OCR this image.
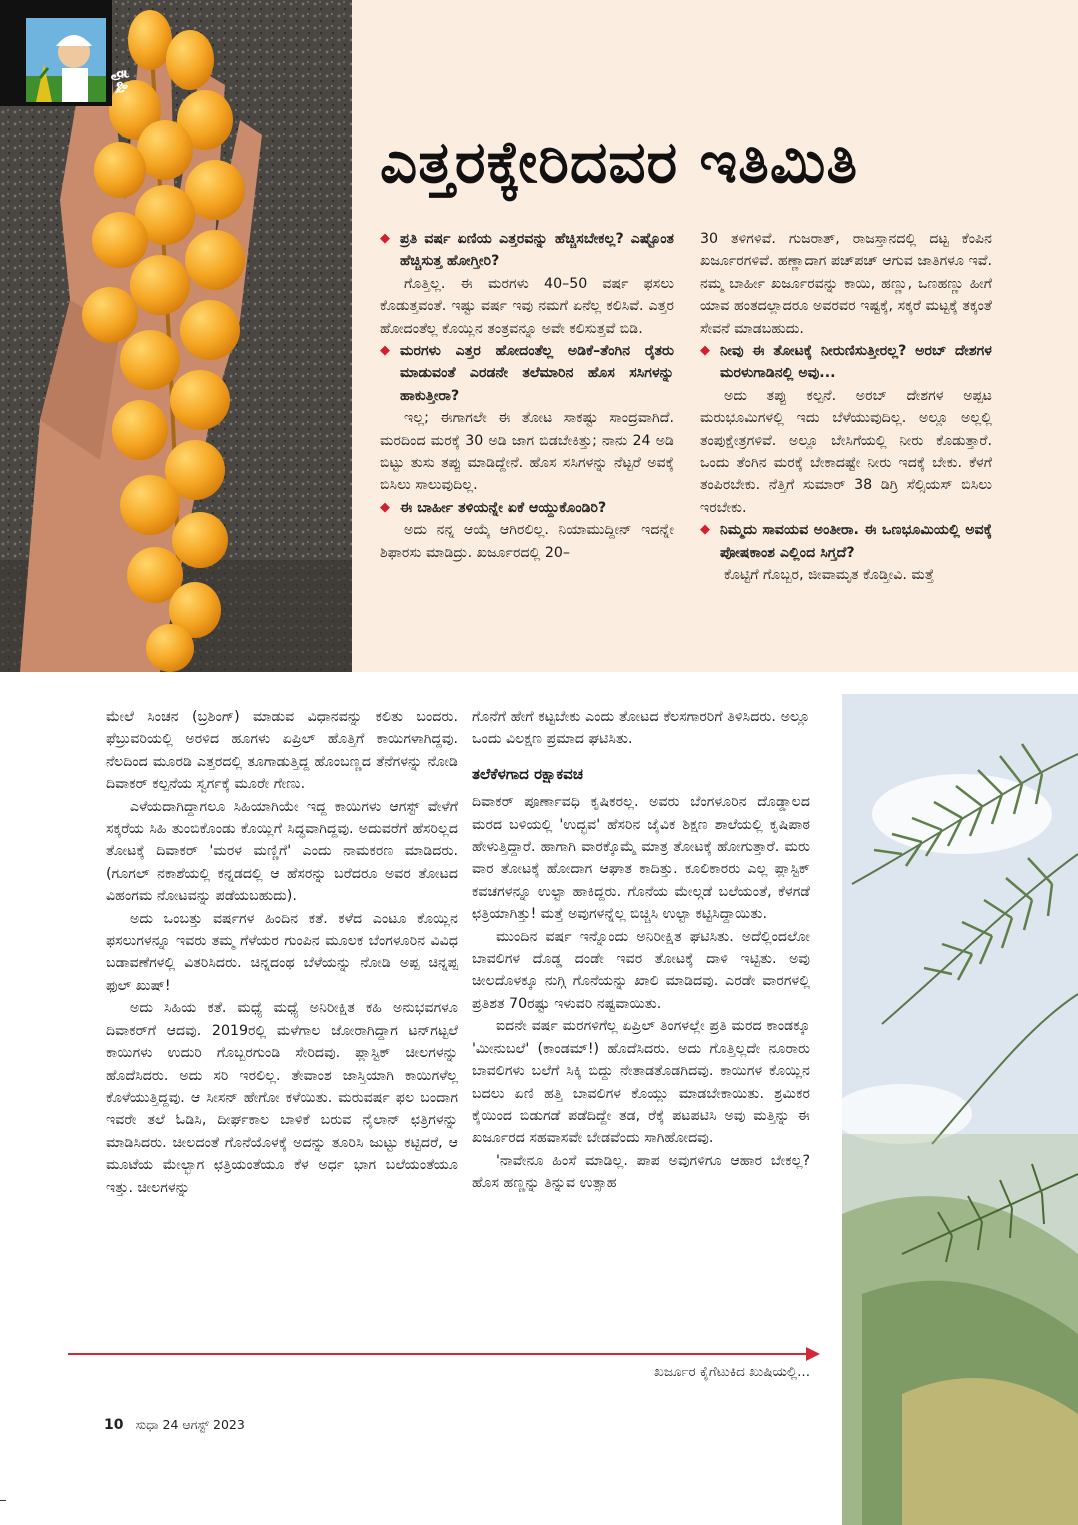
ಕೃಷಿ
ಎತ್ತರಕ್ಕೇರಿದವರ ಇತಿಮಿತಿ

◆ ಪ್ರತಿ ವರ್ಷ ಏಣಿಯ ಎತ್ತರವನ್ನು ಹೆಚ್ಚಿಸಬೇಕಲ್ಲ? ಎಷ್ಟೊಂತ ಹೆಚ್ಚಿಸುತ್ತ ಹೋಗ್ತೀರಿ?

ಗೊತ್ತಿಲ್ಲ. ಈ ಮರಗಳು 40–50 ವರ್ಷ ಫಸಲು ಕೊಡುತ್ತವಂತೆ. ಇಷ್ಟು ವರ್ಷ ಇವು ನಮಗೆ ಏನೆಲ್ಲ ಕಲಿಸಿವೆ. ಎತ್ತರ ಹೋದಂತೆಲ್ಲ ಕೊಯ್ಲಿನ ತಂತ್ರವನ್ನೂ ಅವೇ ಕಲಿಸುತ್ತವೆ ಬಿಡಿ.

◆ ಮರಗಳು ಎತ್ತರ ಹೋದಂತೆಲ್ಲ ಅಡಿಕೆ–ತೆಂಗಿನ ರೈತರು ಮಾಡುವಂತೆ ಎರಡನೇ ತಲೆಮಾರಿನ ಹೊಸ ಸಸಿಗಳನ್ನು ಹಾಕುತ್ತೀರಾ?

ಇಲ್ಲ; ಈಗಾಗಲೇ ಈ ತೋಟ ಸಾಕಷ್ಟು ಸಾಂದ್ರವಾಗಿದೆ. ಮರದಿಂದ ಮರಕ್ಕೆ 30 ಅಡಿ ಜಾಗ ಬಿಡಬೇಕಿತ್ತು; ನಾನು 24 ಅಡಿ ಬಿಟ್ಟು ತುಸು ತಪ್ಪು ಮಾಡಿದ್ದೇನೆ. ಹೊಸ ಸಸಿಗಳನ್ನು ನೆಟ್ಟರೆ ಅವಕ್ಕೆ ಬಿಸಿಲು ಸಾಲುವುದಿಲ್ಲ.

◆ ಈ ಬಾರ್ಹೀ ತಳಿಯನ್ನೇ ಏಕೆ ಆಯ್ದುಕೊಂಡಿರಿ?

ಅದು ನನ್ನ ಆಯ್ಕೆ ಆಗಿರಲಿಲ್ಲ. ನಿಯಾಮುದ್ದೀನ್ ಇದನ್ನೇ ಶಿಫಾರಸು ಮಾಡಿದ್ರು. ಖರ್ಜೂರದಲ್ಲಿ 20–

30 ತಳಿಗಳಿವೆ. ಗುಜರಾತ್, ರಾಜಸ್ತಾನದಲ್ಲಿ ದಟ್ಟ ಕೆಂಪಿನ ಖರ್ಜೂರಗಳಿವೆ. ಹಣ್ಣಾದಾಗ ಪಚ್‌ಪಚ್ ಆಗುವ ಜಾತಿಗಳೂ ಇವೆ. ನಮ್ಮ ಬಾರ್ಹೀ ಖರ್ಜೂರವನ್ನು ಕಾಯಿ, ಹಣ್ಣು, ಒಣಹಣ್ಣು ಹೀಗೆ ಯಾವ ಹಂತದಲ್ಲಾದರೂ ಅವರವರ ಇಷ್ಟಕ್ಕೆ, ಸಕ್ಕರೆ ಮಟ್ಟಕ್ಕೆ ತಕ್ಕಂತೆ ಸೇವನೆ ಮಾಡಬಹುದು.

◆ ನೀವು ಈ ತೋಟಕ್ಕೆ ನೀರುಣಿಸುತ್ತೀರಲ್ಲ? ಅರಬ್ ದೇಶಗಳ ಮರಳುಗಾಡಿನಲ್ಲಿ ಅವು...

ಅದು ತಪ್ಪು ಕಲ್ಪನೆ. ಅರಬ್ ದೇಶಗಳ ಅಪ್ಪಟ ಮರುಭೂಮಿಗಳಲ್ಲಿ ಇದು ಬೆಳೆಯುವುದಿಲ್ಲ. ಅಲ್ಲೂ ಅಲ್ಲಲ್ಲಿ ತಂಪುಕ್ಷೇತ್ರಗಳಿವೆ. ಅಲ್ಲೂ ಬೇಸಿಗೆಯಲ್ಲಿ ನೀರು ಕೊಡುತ್ತಾರೆ. ಒಂದು ತೆಂಗಿನ ಮರಕ್ಕೆ ಬೇಕಾದಷ್ಟೇ ನೀರು ಇದಕ್ಕೆ ಬೇಕು. ಕೆಳಗೆ ತಂಪಿರಬೇಕು. ನೆತ್ತಿಗೆ ಸುಮಾರ್ 38 ಡಿಗ್ರಿ ಸೆಲ್ಸಿಯಸ್ ಬಿಸಿಲು ಇರಬೇಕು.

◆ ನಿಮ್ಮದು ಸಾವಯವ ಅಂತೀರಾ. ಈ ಒಣಭೂಮಿಯಲ್ಲಿ ಅವಕ್ಕೆ ಪೋಷಕಾಂಶ ಎಲ್ಲಿಂದ ಸಿಗ್ತದೆ?

ಕೊಟ್ಟಿಗೆ ಗೊಬ್ಬರ, ಜೀವಾಮೃತ ಕೊಡ್ತೀವಿ. ಮತ್ತೆ

ಮೇಲೆ ಸಿಂಚನ (ಬ್ರಶಿಂಗ್) ಮಾಡುವ ವಿಧಾನವನ್ನು ಕಲಿತು ಬಂದರು. ಫೆಬ್ರುವರಿಯಲ್ಲಿ ಅರಳಿದ ಹೂಗಳು ಏಪ್ರಿಲ್ ಹೊತ್ತಿಗೆ ಕಾಯಿಗಳಾಗಿದ್ದವು. ನೆಲದಿಂದ ಮೂರಡಿ ಎತ್ತರದಲ್ಲಿ ತೂಗಾಡುತ್ತಿದ್ದ ಹೊಂಬಣ್ಣದ ತೆನೆಗಳನ್ನು ನೋಡಿ ದಿವಾಕರ್ ಕಲ್ಪನೆಯ ಸ್ವರ್ಗಕ್ಕೆ ಮೂರೇ ಗೇಣು.

ಎಳೆಯದಾಗಿದ್ದಾಗಲೂ ಸಿಹಿಯಾಗಿಯೇ ಇದ್ದ ಕಾಯಿಗಳು ಆಗಸ್ಟ್ ವೇಳೆಗೆ ಸಕ್ಕರೆಯ ಸಿಹಿ ತುಂಬಿಕೊಂಡು ಕೊಯ್ಲಿಗೆ ಸಿದ್ಧವಾಗಿದ್ದವು. ಅದುವರೆಗೆ ಹೆಸರಿಲ್ಲದ ತೋಟಕ್ಕೆ ದಿವಾಕರ್ 'ಮರಳ ಮಣ್ಣಿಗೆ' ಎಂದು ನಾಮಕರಣ ಮಾಡಿದರು. (ಗೂಗಲ್ ನಕಾಶೆಯಲ್ಲಿ ಕನ್ನಡದಲ್ಲಿ ಆ ಹೆಸರನ್ನು ಬರೆದರೂ ಅವರ ತೋಟದ ವಿಹಂಗಮ ನೋಟವನ್ನು ಪಡೆಯಬಹುದು).

ಅದು ಒಂಬತ್ತು ವರ್ಷಗಳ ಹಿಂದಿನ ಕತೆ. ಕಳೆದ ಎಂಟೂ ಕೊಯ್ಲಿನ ಫಸಲುಗಳನ್ನೂ ಇವರು ತಮ್ಮ ಗೆಳೆಯರ ಗುಂಪಿನ ಮೂಲಕ ಬೆಂಗಳೂರಿನ ವಿವಿಧ ಬಡಾವಣೆಗಳಲ್ಲಿ ವಿತರಿಸಿದರು. ಚಿನ್ನದಂಥ ಬೆಳೆಯನ್ನು ನೋಡಿ ಅಪ್ಪ ಚಿನ್ನಪ್ಪ ಫುಲ್ ಖುಷ್!

ಅದು ಸಿಹಿಯ ಕತೆ. ಮಧ್ಯೆ ಮಧ್ಯೆ ಅನಿರೀಕ್ಷಿತ ಕಹಿ ಅನುಭವಗಳೂ ದಿವಾಕರ್‌ಗೆ ಆದವು. 2019ರಲ್ಲಿ ಮಳೆಗಾಲ ಜೋರಾಗಿದ್ದಾಗ ಟನ್‌ಗಟ್ಟಲೆ ಕಾಯಿಗಳು ಉದುರಿ ಗೊಬ್ಬರಗುಂಡಿ ಸೇರಿದವು. ಪ್ಲಾಸ್ಟಿಕ್ ಚೀಲಗಳನ್ನು ಹೊದೆಸಿದರು. ಅದು ಸರಿ ಇರಲಿಲ್ಲ. ತೇವಾಂಶ ಜಾಸ್ತಿಯಾಗಿ ಕಾಯಿಗಳೆಲ್ಲ ಕೊಳೆಯುತ್ತಿದ್ದವು. ಆ ಸೀಸನ್ ಹೇಗೋ ಕಳೆಯಿತು. ಮರುವರ್ಷ ಫಲ ಬಂದಾಗ ಇವರೇ ತಲೆ ಓಡಿಸಿ, ದೀರ್ಘಕಾಲ ಬಾಳಿಕೆ ಬರುವ ನೈಲಾನ್ ಛತ್ರಿಗಳನ್ನು ಮಾಡಿಸಿದರು. ಚೀಲದಂತೆ ಗೊನೆಯೊಳಕ್ಕೆ ಅದನ್ನು ತೂರಿಸಿ ಜುಟ್ಟು ಕಟ್ಟಿದರೆ, ಆ ಮೂಟೆಯ ಮೇಲ್ಭಾಗ ಛತ್ರಿಯಂತೆಯೂ ಕೆಳ ಅರ್ಧ ಭಾಗ ಬಲೆಯಂತೆಯೂ ಇತ್ತು. ಚೀಲಗಳನ್ನು

ಗೊನೆಗೆ ಹೇಗೆ ಕಟ್ಟಬೇಕು ಎಂದು ತೋಟದ ಕೆಲಸಗಾರರಿಗೆ ತಿಳಿಸಿದರು. ಅಲ್ಲೂ ಒಂದು ವಿಲಕ್ಷಣ ಪ್ರಮಾದ ಘಟಿಸಿತು.

ತಲೆಕೆಳಗಾದ ರಕ್ಷಾಕವಚ

ದಿವಾಕರ್ ಪೂರ್ಣಾವಧಿ ಕೃಷಿಕರಲ್ಲ. ಅವರು ಬೆಂಗಳೂರಿನ ದೊಡ್ಡಾಲದ ಮರದ ಬಳಿಯಲ್ಲಿ 'ಉದ್ಭವ' ಹೆಸರಿನ ಜೈವಿಕ ಶಿಕ್ಷಣ ಶಾಲೆಯಲ್ಲಿ ಕೃಷಿಪಾಠ ಹೇಳುತ್ತಿದ್ದಾರೆ. ಹಾಗಾಗಿ ವಾರಕ್ಕೊಮ್ಮೆ ಮಾತ್ರ ತೋಟಕ್ಕೆ ಹೋಗುತ್ತಾರೆ. ಮರು ವಾರ ತೋಟಕ್ಕೆ ಹೋದಾಗ ಆಘಾತ ಕಾದಿತ್ತು. ಕೂಲಿಕಾರರು ಎಲ್ಲ ಪ್ಲಾಸ್ಟಿಕ್ ಕವಚಗಳನ್ನೂ ಉಲ್ಟಾ ಹಾಕಿದ್ದರು. ಗೊನೆಯ ಮೇಲ್ಗಡೆ ಬಲೆಯಂತೆ, ಕೆಳಗಡೆ ಛತ್ರಿಯಾಗಿತ್ತು! ಮತ್ತೆ ಅವುಗಳನ್ನೆಲ್ಲ ಬಿಚ್ಚಿಸಿ ಉಲ್ಟಾ ಕಟ್ಟಿಸಿದ್ದಾಯಿತು.

ಮುಂದಿನ ವರ್ಷ ಇನ್ನೊಂದು ಅನಿರೀಕ್ಷಿತ ಘಟಿಸಿತು. ಅದೆಲ್ಲಿಂದಲೋ ಬಾವಲಿಗಳ ದೊಡ್ಡ ದಂಡೇ ಇವರ ತೋಟಕ್ಕೆ ದಾಳಿ ಇಟ್ಟಿತು. ಅವು ಚೀಲದೊಳಕ್ಕೂ ನುಗ್ಗಿ ಗೊನೆಯನ್ನು ಖಾಲಿ ಮಾಡಿದವು. ಎರಡೇ ವಾರಗಳಲ್ಲಿ ಪ್ರತಿಶತ 70ರಷ್ಟು ಇಳುವರಿ ನಷ್ಟವಾಯಿತು.

ಐದನೇ ವರ್ಷ ಮರಗಳಿಗೆಲ್ಲ ಏಪ್ರಿಲ್ ತಿಂಗಳಲ್ಲೇ ಪ್ರತಿ ಮರದ ಕಾಂಡಕ್ಕೂ 'ಮೀನುಬಲೆ' (ಕಾಂಡಮ್!) ಹೊದೆಸಿದರು. ಅದು ಗೊತ್ತಿಲ್ಲದೇ ನೂರಾರು ಬಾವಲಿಗಳು ಬಲೆಗೆ ಸಿಕ್ಕಿ ಬಿದ್ದು ನೇತಾಡತೊಡಗಿದವು. ಕಾಯಿಗಳ ಕೊಯ್ಲಿನ ಬದಲು ಏಣಿ ಹತ್ತಿ ಬಾವಲಿಗಳ ಕೊಯ್ಲು ಮಾಡಬೇಕಾಯಿತು. ಶ್ರಮಿಕರ ಕೈಯಿಂದ ಬಿಡುಗಡೆ ಪಡೆದಿದ್ದೇ ತಡ, ರೆಕ್ಕೆ ಪಟಪಟಿಸಿ ಅವು ಮತ್ತಿನ್ನು ಈ ಖರ್ಜೂರದ ಸಹವಾಸವೇ ಬೇಡವೆಂದು ಸಾಗಿಹೋದವು.

'ನಾವೇನೂ ಹಿಂಸೆ ಮಾಡಿಲ್ಲ. ಪಾಪ ಅವುಗಳಿಗೂ ಆಹಾರ ಬೇಕಲ್ಲ? ಹೊಸ ಹಣ್ಣನ್ನು ತಿನ್ನುವ ಉತ್ಸಾಹ

ಖರ್ಜೂರ ಕೈಗೆಟುಕಿದ ಖುಷಿಯಲ್ಲಿ...
10 ಸುಧಾ 24 ಆಗಸ್ಟ್ 2023
